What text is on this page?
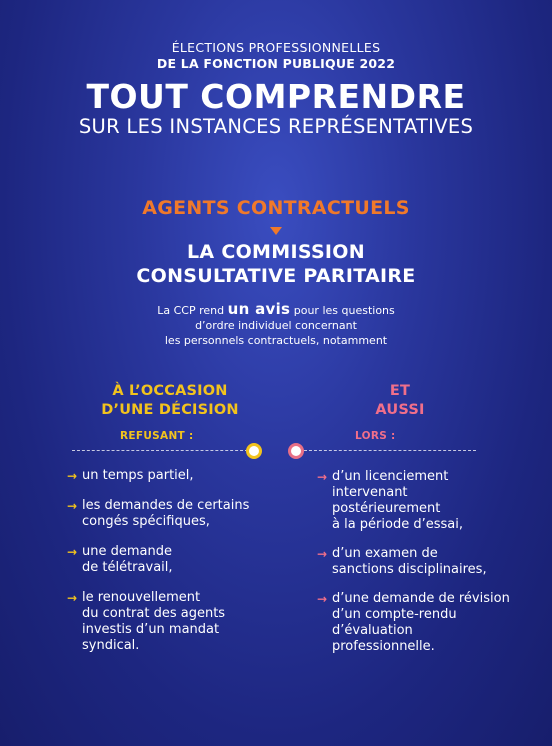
ÉLECTIONS PROFESSIONNELLES
DE LA FONCTION PUBLIQUE 2022
TOUT COMPRENDRE
SUR LES INSTANCES REPRÉSENTATIVES
AGENTS CONTRACTUELS
LA COMMISSION
CONSULTATIVE PARITAIRE
La CCP rend un avis pour les questions
d’ordre individuel concernant
les personnels contractuels, notamment
À L’OCCASION
D’UNE DÉCISION
ET
AUSSI
REFUSANT :	LORS :
→ un temps partiel,
→ les demandes de certains
congés spécifiques,
→ une demande
de télétravail,
→ le renouvellement
du contrat des agents
investis d’un mandat
syndical.
→ d’un licenciement
intervenant
postérieurement
à la période d’essai,
→ d’un examen de
sanctions disciplinaires,
→ d’une demande de révision
d’un compte-rendu
d’évaluation
professionnelle.
